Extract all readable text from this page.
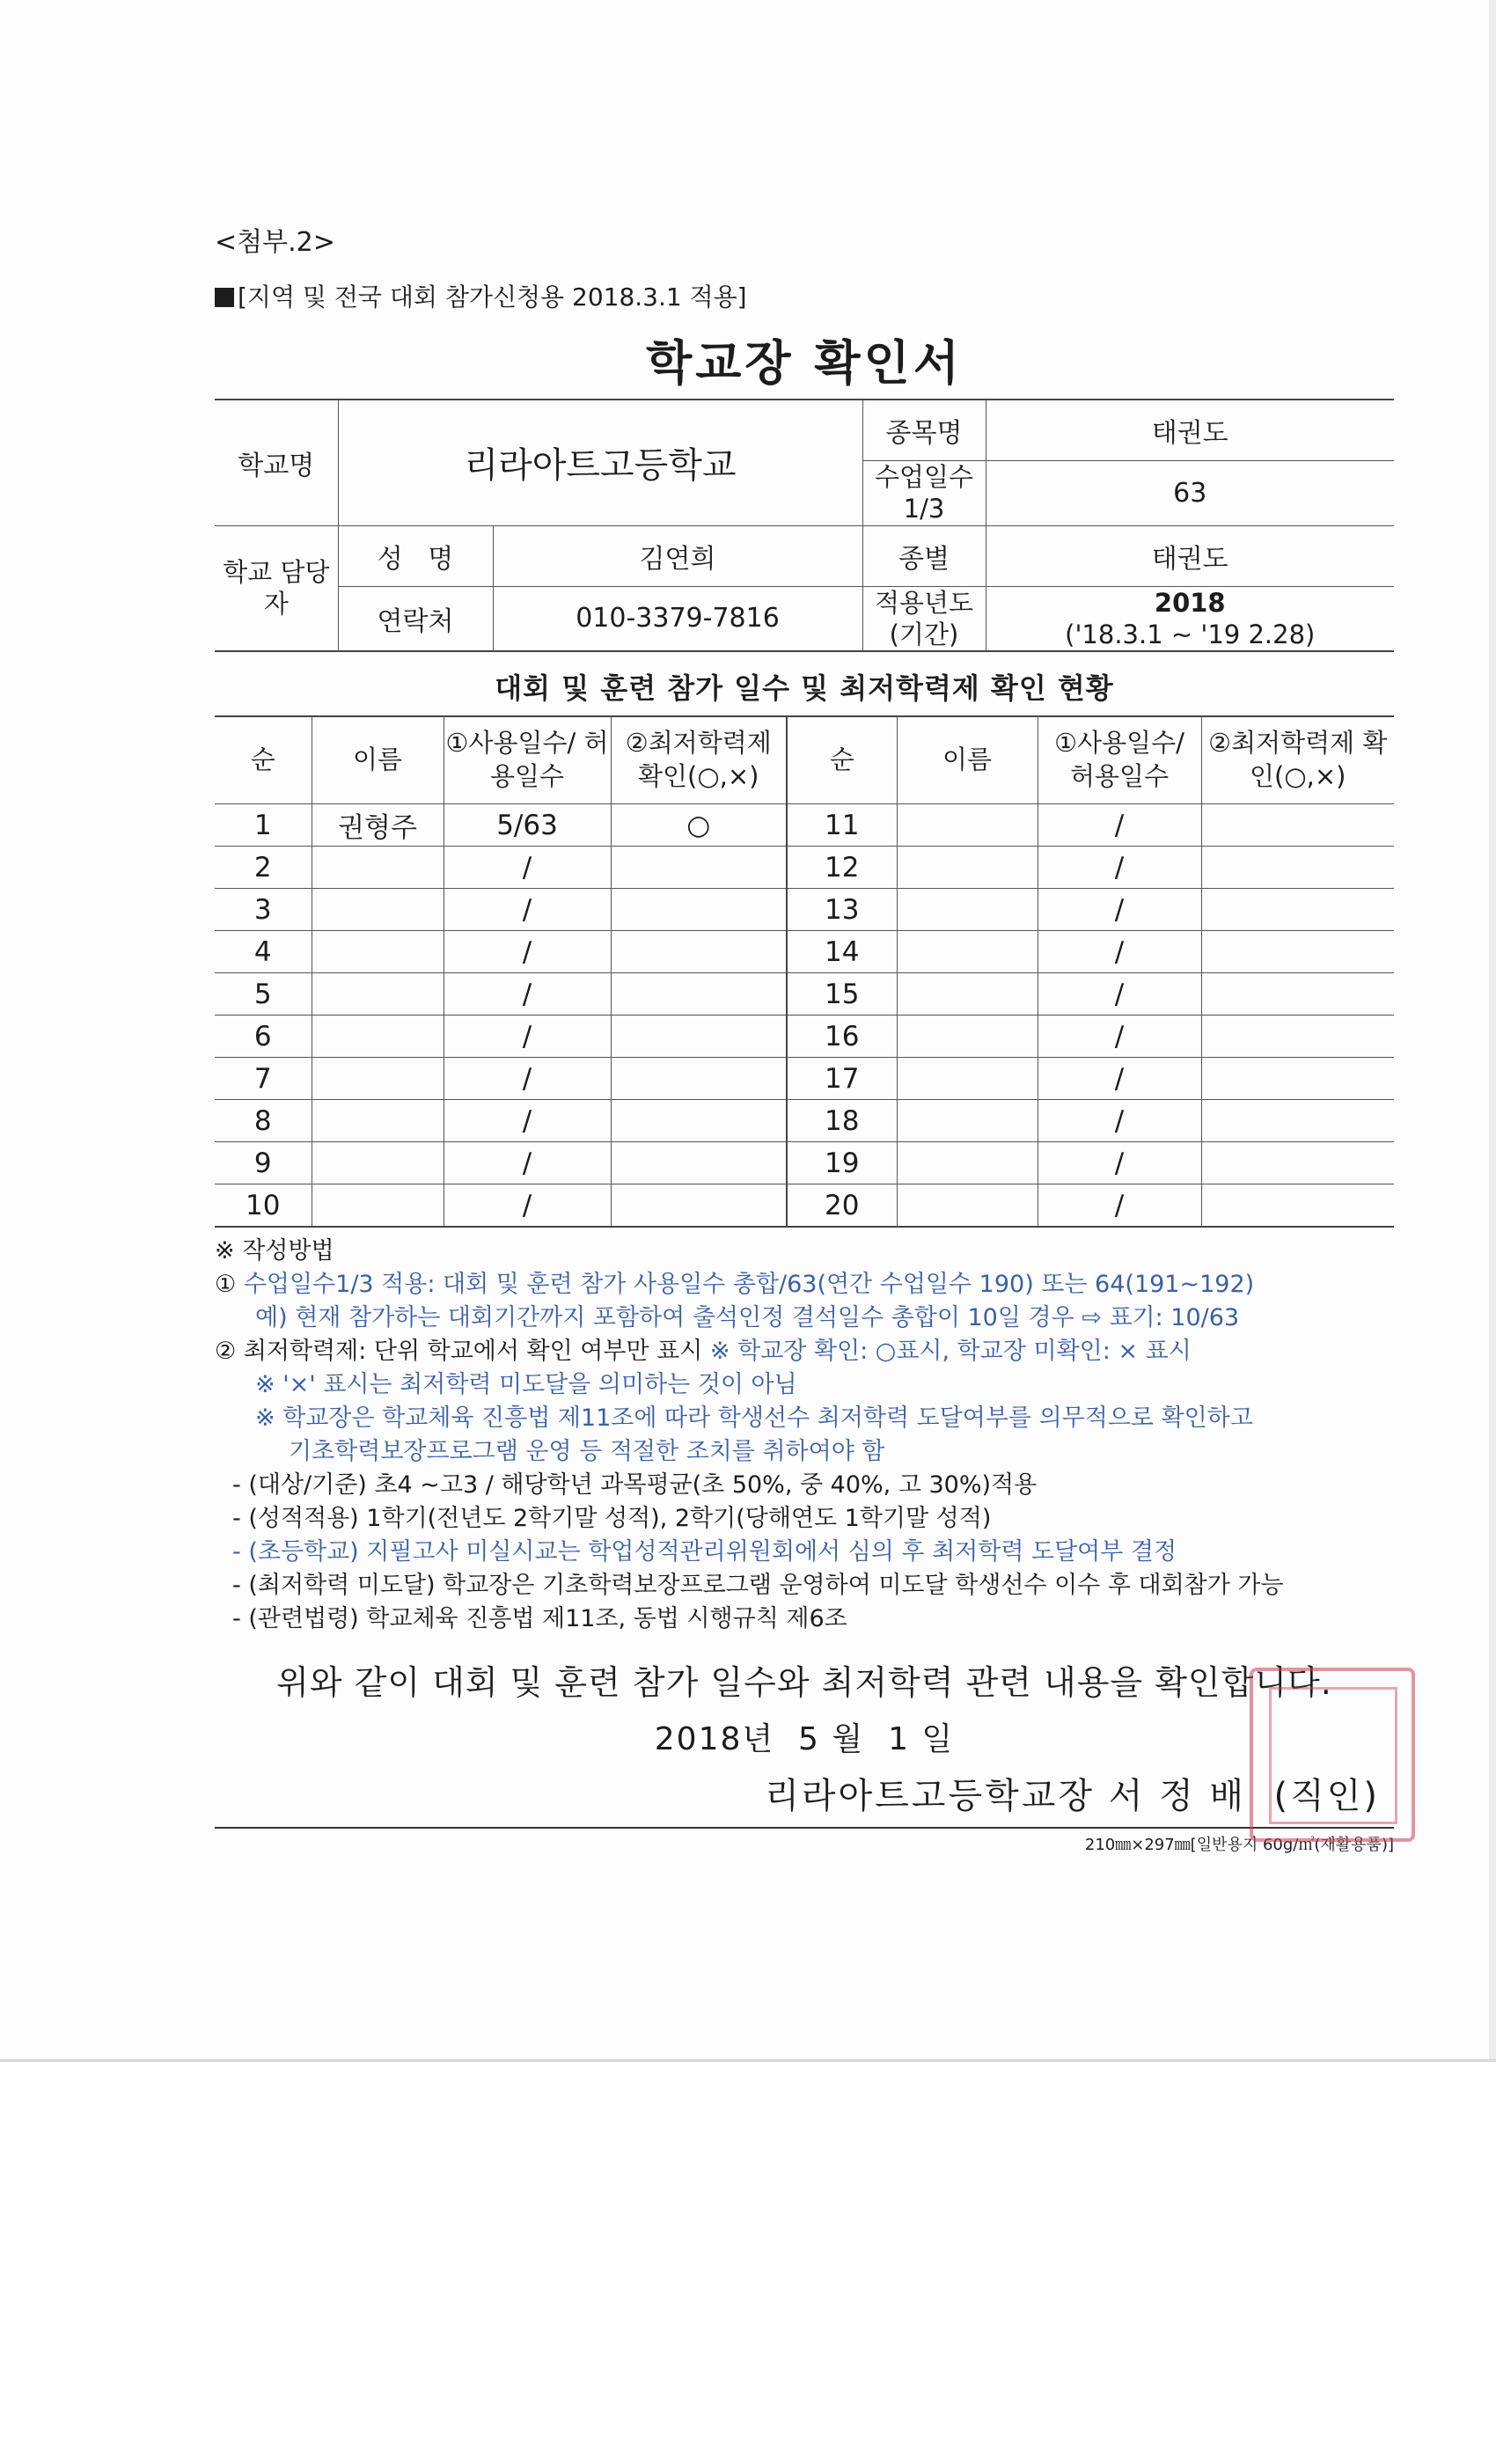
<첨부.2>
[지역 및 전국 대회 참가신청용 2018.3.1 적용]
학교장 확인서
학교명	리라아트고등학교		종목명	태권도
			수업일수 1/3	63
학교 담당자	성   명	김연희	종별	태권도
	연락처	010-3379-7816	적용년도 (기간)	2018
('18.3.1 ~ '19 2.28)
대회 및 훈련 참가 일수 및 최저학력제 확인 현황
순	이름	①사용일수/ 허용일수	②최저학력제 확인(○,×)	순	이름	①사용일수/ 허용일수	②최저학력제 확인(○,×)
1	권형주	5/63	○	11		/	
2		/		12		/	
3		/		13		/	
4		/		14		/	
5		/		15		/	
6		/		16		/	
7		/		17		/	
8		/		18		/	
9		/		19		/	
10		/		20		/	
※ 작성방법
① 수업일수1/3 적용: 대회 및 훈련 참가 사용일수 총합/63(연간 수업일수 190) 또는 64(191~192)
예) 현재 참가하는 대회기간까지 포함하여 출석인정 결석일수 총합이 10일 경우 ⇨ 표기: 10/63
② 최저학력제: 단위 학교에서 확인 여부만 표시 ※ 학교장 확인: ○표시, 학교장 미확인: × 표시
※ '×' 표시는 최저학력 미도달을 의미하는 것이 아님
※ 학교장은 학교체육 진흥법 제11조에 따라 학생선수 최저학력 도달여부를 의무적으로 확인하고
기초학력보장프로그램 운영 등 적절한 조치를 취하여야 함
- (대상/기준) 초4 ~고3 / 해당학년 과목평균(초 50%, 중 40%, 고 30%)적용
- (성적적용) 1학기(전년도 2학기말 성적), 2학기(당해연도 1학기말 성적)
- (초등학교) 지필고사 미실시교는 학업성적관리위원회에서 심의 후 최저학력 도달여부 결정
- (최저학력 미도달) 학교장은 기초학력보장프로그램 운영하여 미도달 학생선수 이수 후 대회참가 가능
- (관련법령) 학교체육 진흥법 제11조, 동법 시행규칙 제6조
위와 같이 대회 및 훈련 참가 일수와 최저학력 관련 내용을 확인합니다.
2018년  5 월  1 일
리라아트고등학교장 서 정 배  (직인)
210㎜×297㎜[일반용지 60g/㎡(재활용품)]
